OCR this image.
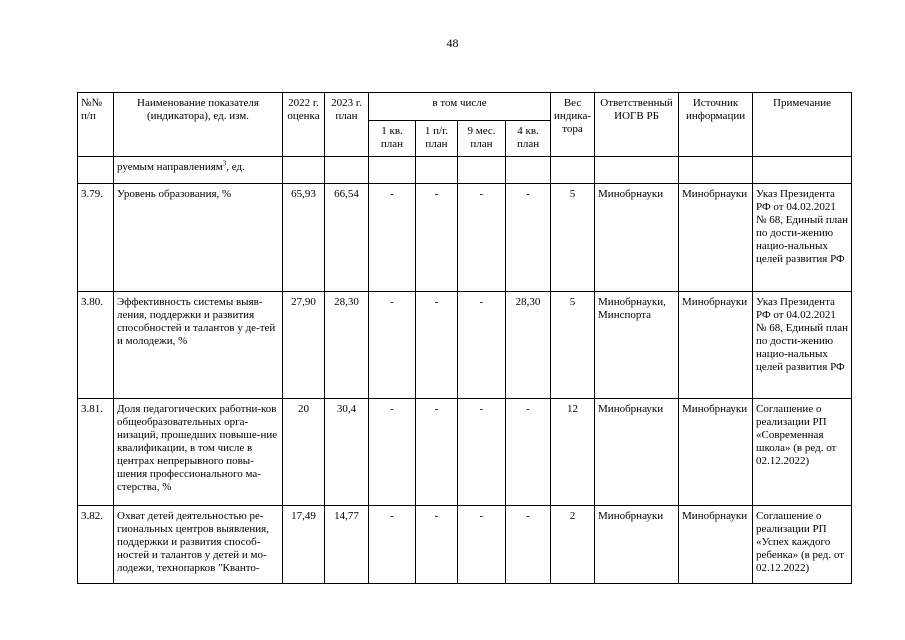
48
№№ п/п	Наименование показателя (индикатора), ед. изм.	2022 г. оценка	2023 г. план	в том числе				Вес индика-тора	Ответственный ИОГВ РБ	Источник информации	Примечание
				1 кв. план	1 п/г. план	9 мес. план	4 кв. план				
	руемым направлениям$^3$, ед.										
3.79.	Уровень образования, %	65,93	66,54	-	-	-	-	5	Минобрнауки	Минобрнауки	Указ Президента РФ от 04.02.2021 № 68, Единый план по дости-жению нацио-нальных целей развития РФ
3.80.	Эффективность системы выяв-ления, поддержки и развития способностей и талантов у де-тей и молодежи, %	27,90	28,30	-	-	-	28,30	5	Минобрнауки, Минспорта	Минобрнауки	Указ Президента РФ от 04.02.2021 № 68, Единый план по дости-жению нацио-нальных целей развития РФ
3.81.	Доля педагогических работни-ков общеобразовательных орга-низаций, прошедших повыше-ние квалификации, в том числе в центрах непрерывного повы-шения профессионального ма-стерства, %	20	30,4	-	-	-	-	12	Минобрнауки	Минобрнауки	Соглашение о реализации РП «Современная школа» (в ред. от 02.12.2022)
3.82.	Охват детей деятельностью ре-гиональных центров выявления, поддержки и развития способ-ностей и талантов у детей и мо-лодежи, технопарков "Кванто-	17,49	14,77	-	-	-	-	2	Минобрнауки	Минобрнауки	Соглашение о реализации РП «Успех каждого ребенка» (в ред. от 02.12.2022)
